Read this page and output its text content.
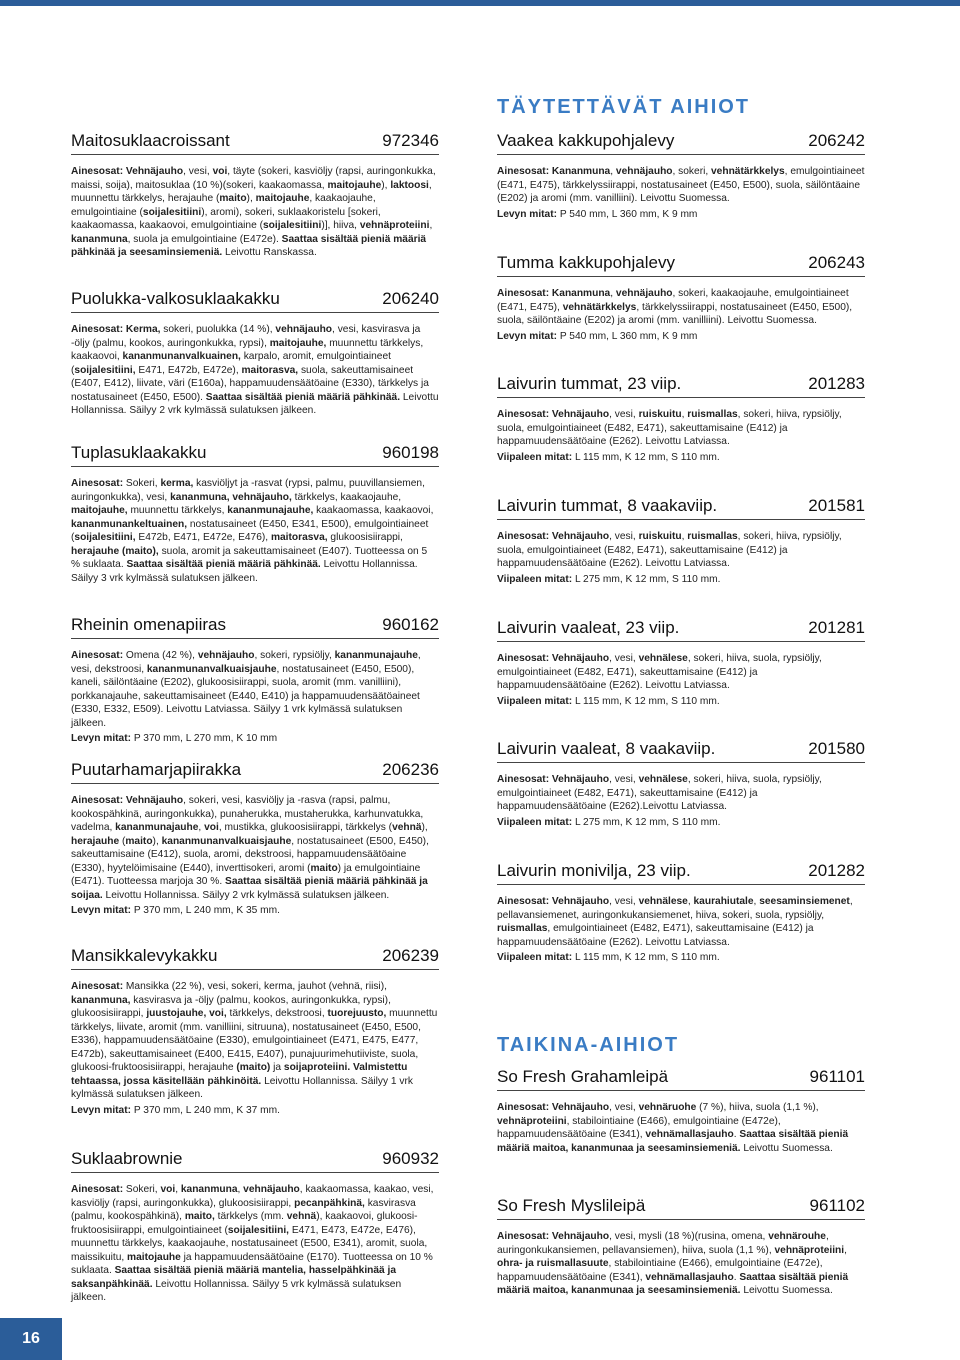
TÄYTETTÄVÄT AIHIOT
TAIKINA-AIHIOT
Maitosuklaacroissant	972346

Ainesosat: Vehnäjauho, vesi, voi, täyte (sokeri, kasviöljy (rapsi, auringonkukka, maissi, soija), maitosuklaa (10 %)(sokeri, kaakaomassa, maitojauhe), laktoosi, muunnettu tärkkelys, herajauhe (maito), maitojauhe, kaakaojauhe, emulgointiaine (soijalesitiini), aromi), sokeri, suklaakoristelu [sokeri, kaakaomassa, kaakaovoi, emulgointiaine (soijalesitiini)], hiiva, vehnäproteiini, kananmuna, suola ja emulgointiaine (E472e). Saattaa sisältää pieniä määriä pähkinää ja seesaminsiemeniä. Leivottu Ranskassa.

Puolukka-valkosuklaakakku	206240

Ainesosat: Kerma, sokeri, puolukka (14 %), vehnäjauho, vesi, kasvirasva ja -öljy (palmu, kookos, auringonkukka, rypsi), maitojauhe, muunnettu tärkkelys, kaakaovoi, kananmunanvalkuainen, karpalo, aromit, emulgointiaineet (soijalesitiini, E471, E472b, E472e), maitorasva, suola, sakeuttamisaineet (E407, E412), liivate, väri (E160a), happamuudensäätöaine (E330), tärkkelys ja nostatusaineet (E450, E500). Saattaa sisältää pieniä määriä pähkinää. Leivottu Hollannissa. Säilyy 2 vrk kylmässä sulatuksen jälkeen.

Tuplasuklaakakku	960198

Ainesosat: Sokeri, kerma, kasviöljyt ja -rasvat (rypsi, palmu, puuvillansiemen, auringonkukka), vesi, kananmuna, vehnäjauho, tärkkelys, kaakaojauhe, maitojauhe, muunnettu tärkkelys, kananmunajauhe, kaakaomassa, kaakaovoi, kananmunankeltuainen, nostatusaineet (E450, E341, E500), emulgointiaineet (soijalesitiini, E472b, E471, E472e, E476), maitorasva, glukoosisiirappi, herajauhe (maito), suola, aromit ja sakeuttamisaineet (E407). Tuotteessa on 5 % suklaata. Saattaa sisältää pieniä määriä pähkinää. Leivottu Hollannissa. Säilyy 3 vrk kylmässä sulatuksen jälkeen.

Rheinin omenapiiras	960162

Ainesosat: Omena (42 %), vehnäjauho, sokeri, rypsiöljy, kananmunajauhe, vesi, dekstroosi, kananmunanvalkuaisjauhe, nostatusaineet (E450, E500), kaneli, säilöntäaine (E202), glukoosisiirappi, suola, aromit (mm. vanilliini), porkkanajauhe, sakeuttamisaineet (E440, E410) ja happamuudensäätöaineet (E330, E332, E509). Leivottu Latviassa. Säilyy 1 vrk kylmässä sulatuksen jälkeen.

Levyn mitat: P 370 mm, L 270 mm, K 10 mm

Puutarhamarjapiirakka	206236

Ainesosat: Vehnäjauho, sokeri, vesi, kasviöljy ja -rasva (rapsi, palmu, kookospähkinä, auringonkukka), punaherukka, mustaherukka, karhunvatukka, vadelma, kananmunajauhe, voi, mustikka, glukoosisiirappi, tärkkelys (vehnä), herajauhe (maito), kananmunanvalkuaisjauhe, nostatusaineet (E500, E450), sakeuttamisaine (E412), suola, aromi, dekstroosi, happamuudensäätöaine (E330), hyytelöimisaine (E440), inverttisokeri, aromi (maito) ja emulgointiaine (E471). Tuotteessa marjoja 30 %. Saattaa sisältää pieniä määriä pähkinää ja soijaa. Leivottu Hollannissa. Säilyy 2 vrk kylmässä sulatuksen jälkeen.

Levyn mitat: P 370 mm, L 240 mm, K 35 mm.

Mansikkalevykakku	206239

Ainesosat: Mansikka (22 %), vesi, sokeri, kerma, jauhot (vehnä, riisi), kananmuna, kasvirasva ja -öljy (palmu, kookos, auringonkukka, rypsi), glukoosisiirappi, juustojauhe, voi, tärkkelys, dekstroosi, tuorejuusto, muunnettu tärkkelys, liivate, aromit (mm. vanilliini, sitruuna), nostatusaineet (E450, E500, E336), happamuudensäätöaine (E330), emulgointiaineet (E471, E475, E477, E472b), sakeuttamisaineet (E400, E415, E407), punajuurimehutiiviste, suola, glukoosi-fruktoosisiirappi, herajauhe (maito) ja soijaproteiini. Valmistettu tehtaassa, jossa käsitellään pähkinöitä. Leivottu Hollannissa. Säilyy 1 vrk kylmässä sulatuksen jälkeen.

Levyn mitat: P 370 mm, L 240 mm, K 37 mm.

Suklaabrownie	960932

Ainesosat: Sokeri, voi, kananmuna, vehnäjauho, kaakaomassa, kaakao, vesi, kasviöljy (rapsi, auringonkukka), glukoosisiirappi, pecanpähkinä, kasvirasva (palmu, kookospähkinä), maito, tärkkelys (mm. vehnä), kaakaovoi, glukoosi-fruktoosisiirappi, emulgointiaineet (soijalesitiini, E471, E473, E472e, E476), muunnettu tärkkelys, kaakaojauhe, nostatusaineet (E500, E341), aromit, suola, maissikuitu, maitojauhe ja happamuudensäätöaine (E170). Tuotteessa on 10 % suklaata. Saattaa sisältää pieniä määriä mantelia, hasselpähkinää ja saksanpähkinää. Leivottu Hollannissa. Säilyy 5 vrk kylmässä sulatuksen jälkeen.

Vaakea kakkupohjalevy	206242

Ainesosat: Kananmuna, vehnäjauho, sokeri, vehnätärkkelys, emulgointiaineet (E471, E475), tärkkelyssiirappi, nostatusaineet (E450, E500), suola, säilöntäaine (E202) ja aromi (mm. vanilliini). Leivottu Suomessa.

Levyn mitat: P 540 mm, L 360 mm, K 9 mm

Tumma kakkupohjalevy	206243

Ainesosat: Kananmuna, vehnäjauho, sokeri, kaakaojauhe, emulgointiaineet (E471, E475), vehnätärkkelys, tärkkelyssiirappi, nostatusaineet (E450, E500), suola, säilöntäaine (E202) ja aromi (mm. vanilliini). Leivottu Suomessa.

Levyn mitat: P 540 mm, L 360 mm, K 9 mm

Laivurin tummat, 23 viip.	201283

Ainesosat: Vehnäjauho, vesi, ruiskuitu, ruismallas, sokeri, hiiva, rypsiöljy, suola, emulgointiaineet (E482, E471), sakeuttamisaine (E412) ja happamuudensäätöaine (E262). Leivottu Latviassa.

Viipaleen mitat: L 115 mm, K 12 mm, S 110 mm.

Laivurin tummat, 8 vaakaviip.	201581

Ainesosat: Vehnäjauho, vesi, ruiskuitu, ruismallas, sokeri, hiiva, rypsiöljy, suola, emulgointiaineet (E482, E471), sakeuttamisaine (E412) ja happamuudensäätöaine (E262). Leivottu Latviassa.

Viipaleen mitat: L 275 mm, K 12 mm, S 110 mm.

Laivurin vaaleat, 23 viip.	201281

Ainesosat: Vehnäjauho, vesi, vehnälese, sokeri, hiiva, suola, rypsiöljy, emulgointiaineet (E482, E471), sakeuttamisaine (E412) ja happamuudensäätöaine (E262). Leivottu Latviassa.

Viipaleen mitat: L 115 mm, K 12 mm, S 110 mm.

Laivurin vaaleat, 8 vaakaviip.	201580

Ainesosat: Vehnäjauho, vesi, vehnälese, sokeri, hiiva, suola, rypsiöljy, emulgointiaineet (E482, E471), sakeuttamisaine (E412) ja happamuudensäätöaine (E262).Leivottu Latviassa.

Viipaleen mitat: L 275 mm, K 12 mm, S 110 mm.

Laivurin monivilja, 23 viip.	201282

Ainesosat: Vehnäjauho, vesi, vehnälese, kaurahiutale, seesaminsiemenet, pellavansiemenet, auringonkukansiemenet, hiiva, sokeri, suola, rypsiöljy, ruismallas, emulgointiaineet (E482, E471), sakeuttamisaine (E412) ja happamuudensäätöaine (E262). Leivottu Latviassa.

Viipaleen mitat: L 115 mm, K 12 mm, S 110 mm.

So Fresh Grahamleipä	961101

Ainesosat: Vehnäjauho, vesi, vehnäruohe (7 %), hiiva, suola (1,1 %), vehnäproteiini, stabilointiaine (E466), emulgointiaine (E472e), happamuudensäätöaine (E341), vehnämallasjauho. Saattaa sisältää pieniä määriä maitoa, kananmunaa ja seesaminsiemeniä. Leivottu Suomessa.

So Fresh Myslileipä	961102

Ainesosat: Vehnäjauho, vesi, mysli (18 %)(rusina, omena, vehnärouhe, auringonkukansiemen, pellavansiemen), hiiva, suola (1,1 %), vehnäproteiini, ohra- ja ruismallasuute, stabilointiaine (E466), emulgointiaine (E472e), happamuudensäätöaine (E341), vehnämallasjauho. Saattaa sisältää pieniä määriä maitoa, kananmunaa ja seesaminsiemeniä. Leivottu Suomessa.

16
